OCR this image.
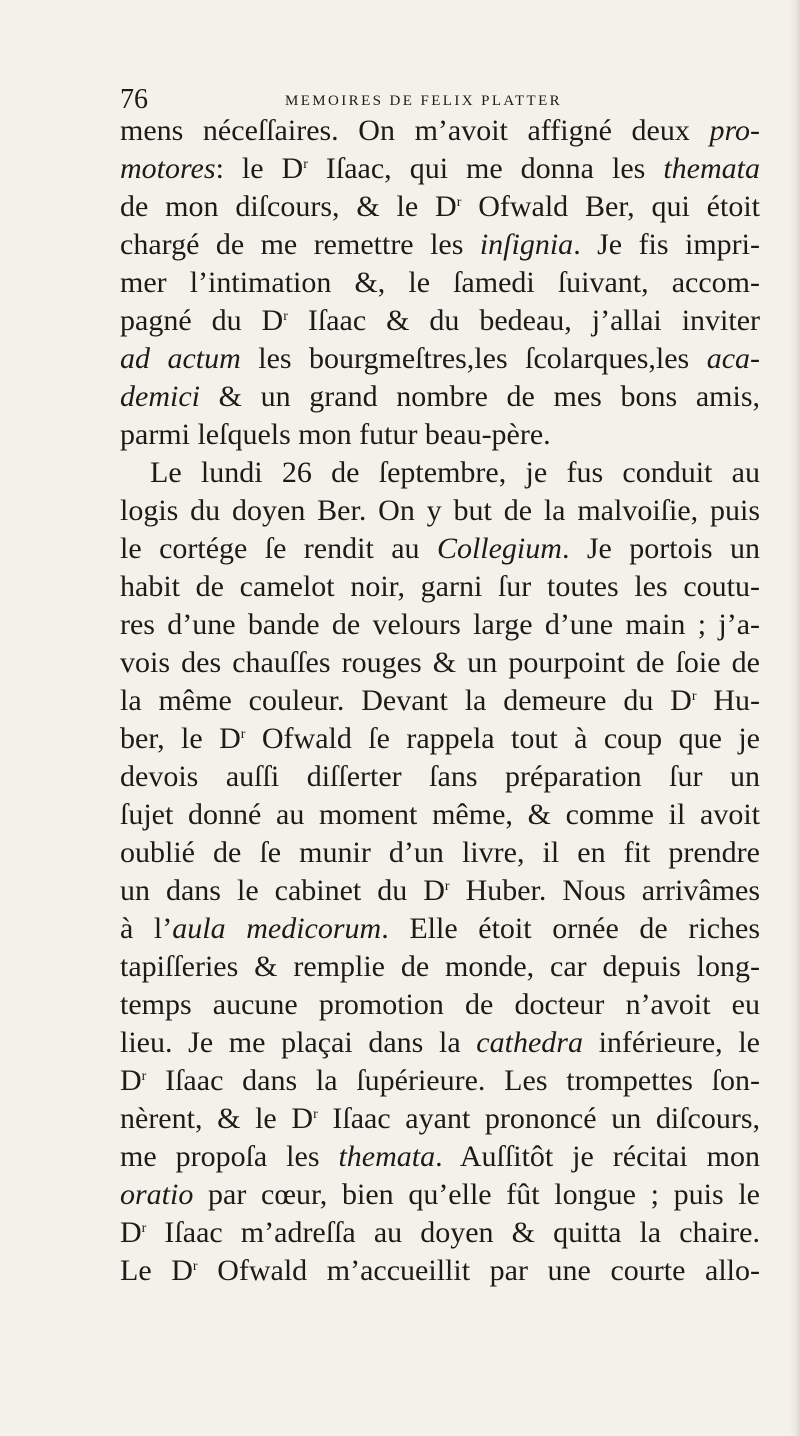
76	MEMOIRES DE FELIX PLATTER
mens néceſſaires. On m’avoit affigné deux pro-
motores: le $D^r$ Iſaac, qui me donna les themata
de mon diſcours, & le $D^r$ Ofwald Ber, qui étoit
chargé de me remettre les inſignia. Je fis impri-
mer l’intimation &, le ſamedi ſuivant, accom-
pagné du $D^r$ Iſaac & du bedeau, j’allai inviter
ad actum les bourgmeſtres,les ſcolarques,les aca-
demici & un grand nombre de mes bons amis,
parmi leſquels mon futur beau-père.
Le lundi 26 de ſeptembre, je fus conduit au
logis du doyen Ber. On y but de la malvoiſie, puis
le cortége ſe rendit au Collegium. Je portois un
habit de camelot noir, garni ſur toutes les coutu-
res d’une bande de velours large d’une main ; j’a-
vois des chauſſes rouges & un pourpoint de ſoie de
la même couleur. Devant la demeure du $D^r$ Hu-
ber, le $D^r$ Ofwald ſe rappela tout à coup que je
devois auſſi diſſerter ſans préparation ſur un
ſujet donné au moment même, & comme il avoit
oublié de ſe munir d’un livre, il en fit prendre
un dans le cabinet du $D^r$ Huber. Nous arrivâmes
à l’aula medicorum. Elle étoit ornée de riches
tapiſſeries & remplie de monde, car depuis long-
temps aucune promotion de docteur n’avoit eu
lieu. Je me plaçai dans la cathedra inférieure, le
$D^r$ Iſaac dans la ſupérieure. Les trompettes ſon-
nèrent, & le $D^r$ Iſaac ayant prononcé un diſcours,
me propoſa les themata. Auſſitôt je récitai mon
oratio par cœur, bien qu’elle fût longue ; puis le
$D^r$ Iſaac m’adreſſa au doyen & quitta la chaire.
Le $D^r$ Ofwald m’accueillit par une courte allo-
